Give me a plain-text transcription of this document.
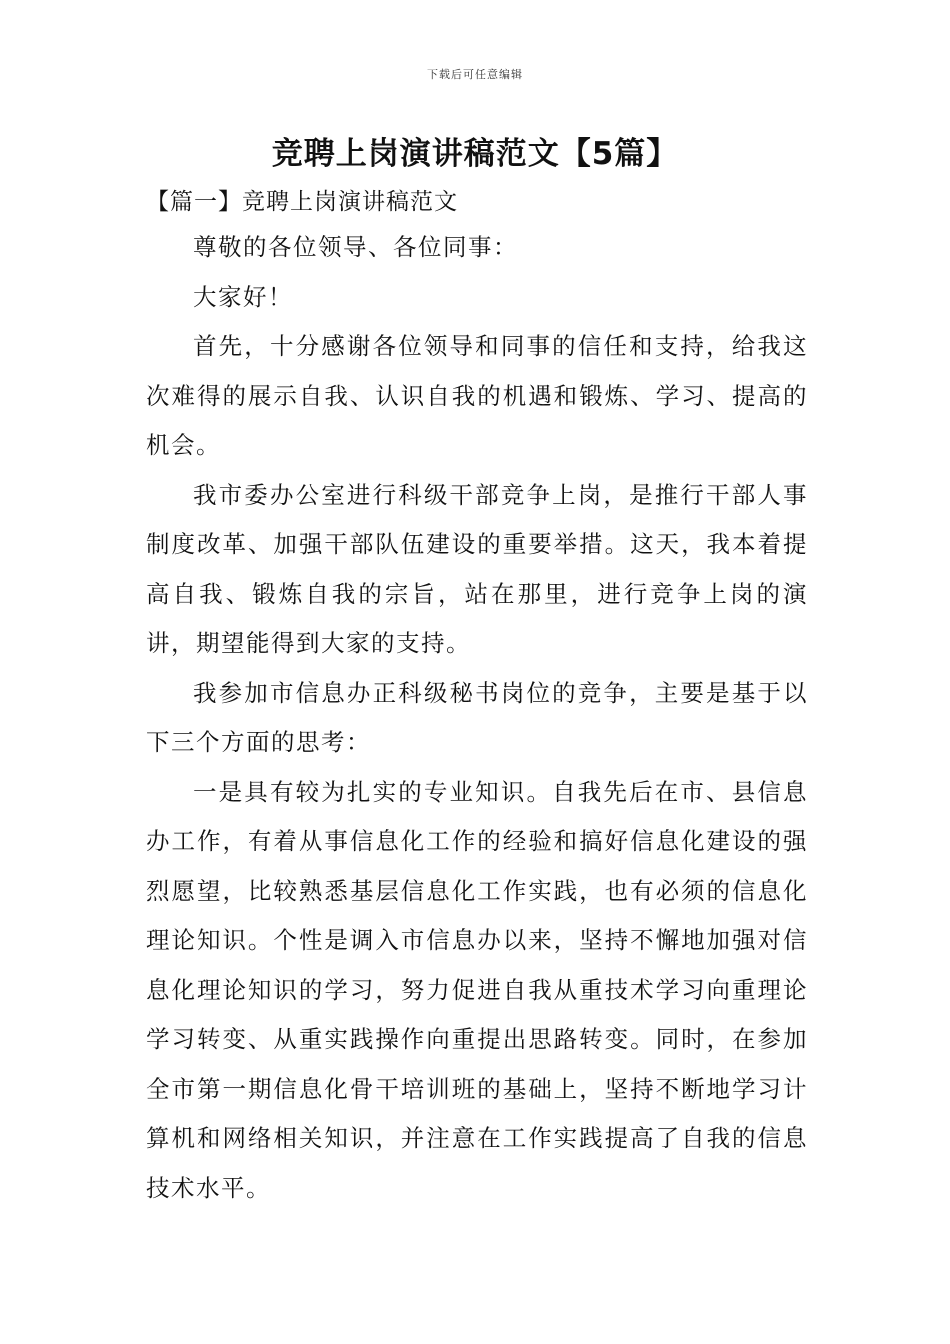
下载后可任意编辑
竞聘上岗演讲稿范文【5篇】
【篇一】竞聘上岗演讲稿范文

尊敬的各位领导、各位同事：

大家好！

首先，十分感谢各位领导和同事的信任和支持，给我这次难得的展示自我、认识自我的机遇和锻炼、学习、提高的机会。

我市委办公室进行科级干部竞争上岗，是推行干部人事制度改革、加强干部队伍建设的重要举措。这天，我本着提高自我、锻炼自我的宗旨，站在那里，进行竞争上岗的演讲，期望能得到大家的支持。

我参加市信息办正科级秘书岗位的竞争，主要是基于以下三个方面的思考：

一是具有较为扎实的专业知识。自我先后在市、县信息办工作，有着从事信息化工作的经验和搞好信息化建设的强烈愿望，比较熟悉基层信息化工作实践，也有必须的信息化理论知识。个性是调入市信息办以来，坚持不懈地加强对信息化理论知识的学习，努力促进自我从重技术学习向重理论学习转变、从重实践操作向重提出思路转变。同时，在参加全市第一期信息化骨干培训班的基础上，坚持不断地学习计算机和网络相关知识，并注意在工作实践提高了自我的信息技术水平。
